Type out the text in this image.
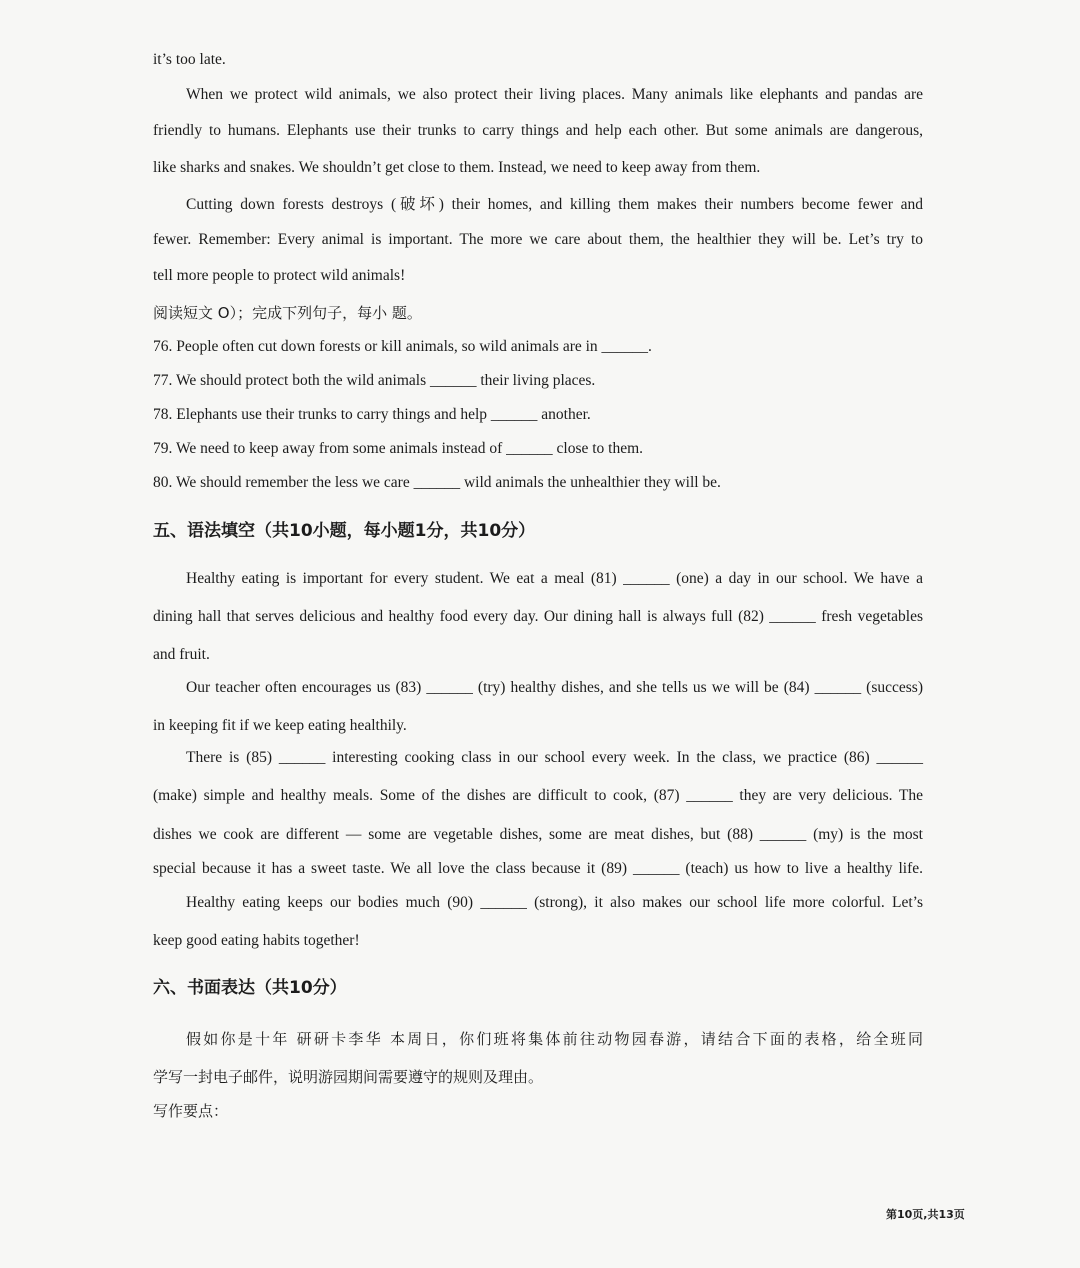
it’s too late.
When we protect wild animals, we also protect their living places. Many animals like elephants and pandas are
friendly to humans. Elephants use their trunks to carry things and help each other. But some animals are dangerous,
like sharks and snakes. We shouldn’t get close to them. Instead, we need to keep away from them.
Cutting down forests destroys (破坏) their homes, and killing them makes their numbers become fewer and
fewer. Remember: Every animal is important. The more we care about them, the healthier they will be. Let’s try to
tell more people to protect wild animals!
阅读短文 O）；完成下列句子，每小 题。
76. People often cut down forests or kill animals, so wild animals are in ______.
77. We should protect both the wild animals ______ their living places.
78. Elephants use their trunks to carry things and help ______ another.
79. We need to keep away from some animals instead of ______ close to them.
80. We should remember the less we care ______ wild animals the unhealthier they will be.
五、语法填空（共10小题，每小题1分，共10分）
Healthy eating is important for every student. We eat a meal (81) ______ (one) a day in our school. We have a
dining hall that serves delicious and healthy food every day. Our dining hall is always full (82) ______ fresh vegetables
and fruit.
Our teacher often encourages us (83) ______ (try) healthy dishes, and she tells us we will be (84) ______ (success)
in keeping fit if we keep eating healthily.
There is (85) ______ interesting cooking class in our school every week. In the class, we practice (86) ______
(make) simple and healthy meals. Some of the dishes are difficult to cook, (87) ______ they are very delicious. The
dishes we cook are different — some are vegetable dishes, some are meat dishes, but (88) ______ (my) is the most
special because it has a sweet taste. We all love the class because it (89) ______ (teach) us how to live a healthy life.
Healthy eating keeps our bodies much (90) ______ (strong), it also makes our school life more colorful. Let’s
keep good eating habits together!
六、书面表达（共10分）
假如你是十年 研研卡李华 本周日，你们班将集体前往动物园春游，请结合下面的表格，给全班同
学写一封电子邮件，说明游园期间需要遵守的规则及理由。
写作要点：
第10页,共13页
